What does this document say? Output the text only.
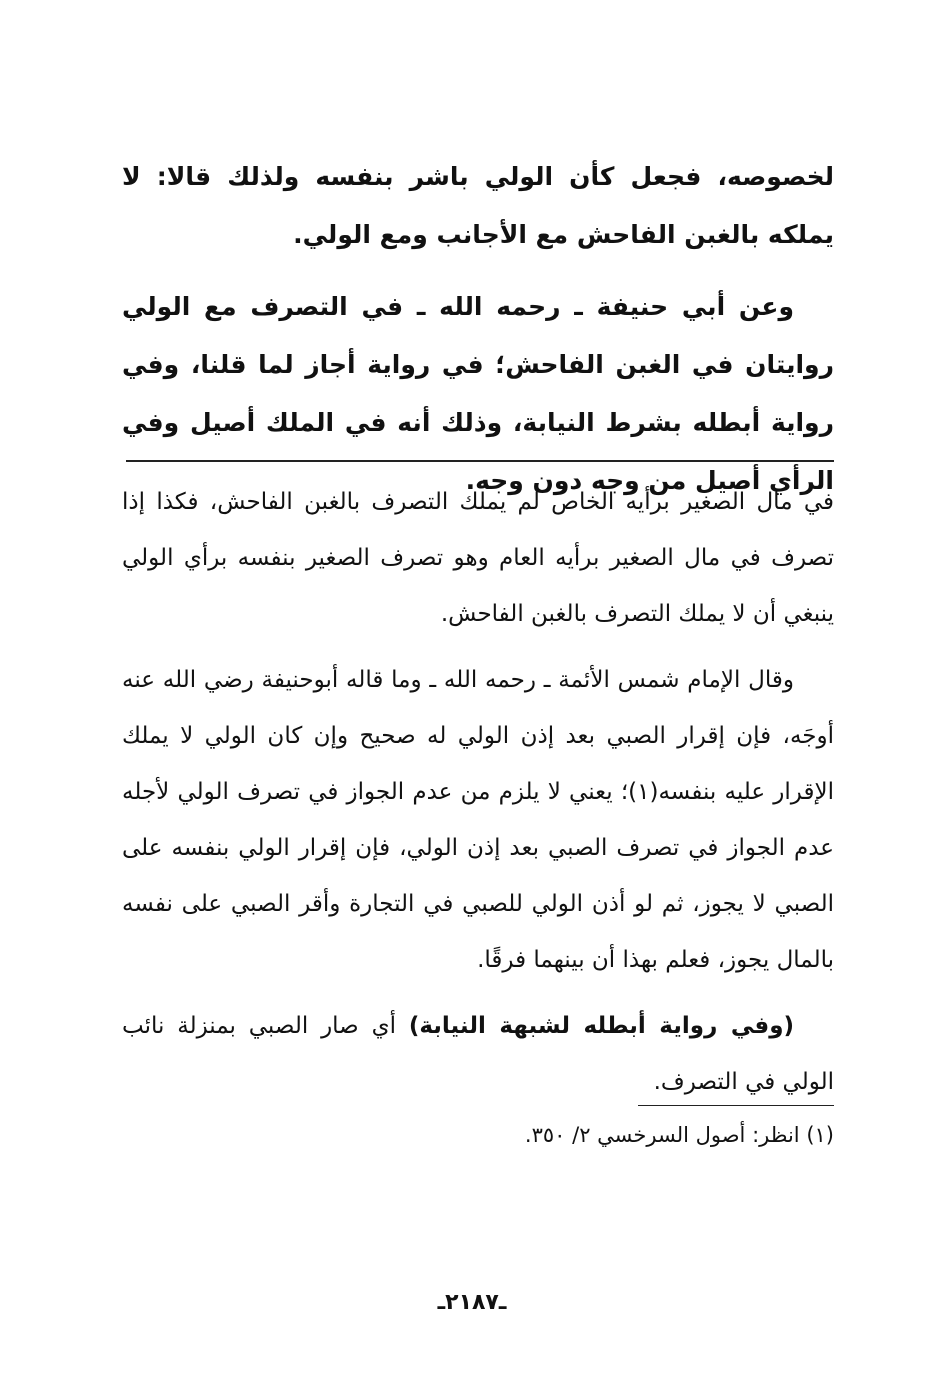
لخصوصه، فجعل كأن الولي باشر بنفسه ولذلك قالا: لا يملكه بالغبن الفاحش مع الأجانب ومع الولي.

وعن أبي حنيفة ـ رحمه الله ـ في التصرف مع الولي روايتان في الغبن الفاحش؛ في رواية أجاز لما قلنا، وفي رواية أبطله بشرط النيابة، وذلك أنه في الملك أصيل وفي الرأي أصيل من وجه دون وجه.

في مال الصغير برأيه الخاص لم يملك التصرف بالغبن الفاحش، فكذا إذا تصرف في مال الصغير برأيه العام وهو تصرف الصغير بنفسه برأي الولي ينبغي أن لا يملك التصرف بالغبن الفاحش.

وقال الإمام شمس الأئمة ـ رحمه الله ـ وما قاله أبوحنيفة رضي الله عنه أوجَه، فإن إقرار الصبي بعد إذن الولي له صحيح وإن كان الولي لا يملك الإقرار عليه بنفسه(١)؛ يعني لا يلزم من عدم الجواز في تصرف الولي لأجله عدم الجواز في تصرف الصبي بعد إذن الولي، فإن إقرار الولي بنفسه على الصبي لا يجوز، ثم لو أذن الولي للصبي في التجارة وأقر الصبي على نفسه بالمال يجوز، فعلم بهذا أن بينهما فرقًا.

(وفي رواية أبطله لشبهة النيابة) أي صار الصبي بمنزلة نائب الولي في التصرف.

(١) انظر: أصول السرخسي ٢/ ٣٥٠.
ـ٢١٨٧ـ
